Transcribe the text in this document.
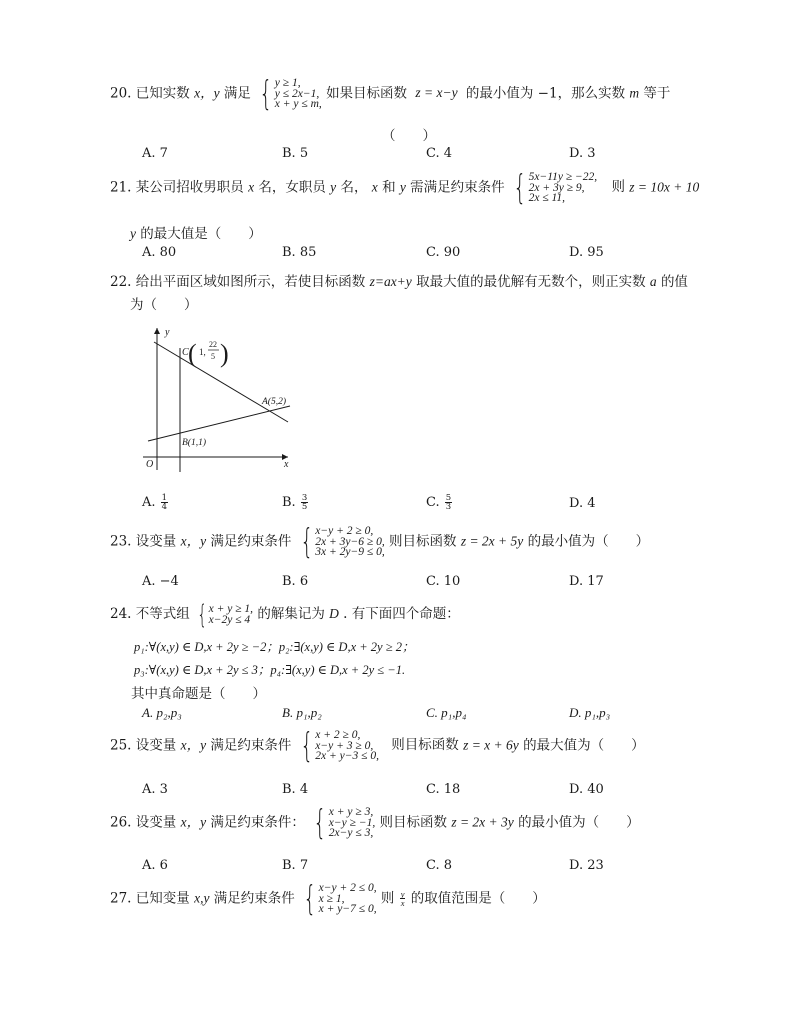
20. 已知实数 x，y 满足 { y ≥ 1,
y ≤ 2x−1,
x + y ≤ m,
如果目标函数 z = x−y 的最小值为 −1，那么实数 m 等于
（　　）
A. 7	B. 5	C. 4	D. 3
21. 某公司招收男职员 x 名，女职员 y 名， x 和 y 需满足约束条件 { 5x−11y ≥ −22,
2x + 3y ≥ 9,
2x ≤ 11,
则 z = 10x + 10
y 的最大值是（　　）
A. 80	B. 85	C. 90	D. 95
22. 给出平面区域如图所示，若使目标函数 z=ax+y 取最大值的最优解有无数个，则正实数 a 的值
为（　　）
y
x
O
C ( 1,
22
5 )
A(5,2)
B(1,1)
A. $\frac{1}{4}$	B. $\frac{3}{5}$	C. $\frac{5}{3}$	D. 4
23. 设变量 x，y 满足约束条件 { x−y + 2 ≥ 0,
2x + 3y−6 ≥ 0,
3x + 2y−9 ≤ 0,
则目标函数 z = 2x + 5y 的最小值为（　　）
A. −4	B. 6	C. 10	D. 17
24. 不等式组 { x + y ≥ 1,
x−2y ≤ 4 的解集记为 D . 有下面四个命题：
p₁:∀(x,y) ∈ D,x + 2y ≥ −2；p₂:∃(x,y) ∈ D,x + 2y ≥ 2；
p₃:∀(x,y) ∈ D,x + 2y ≤ 3；p₄:∃(x,y) ∈ D,x + 2y ≤ −1.
其中真命题是（　　）
A. p₂,p₃	B. p₁,p₂	C. p₁,p₄	D. p₁,p₃
25. 设变量 x，y 满足约束条件 { x + 2 ≥ 0,
x−y + 3 ≥ 0,
2x + y−3 ≤ 0,
则目标函数 z = x + 6y 的最大值为（　　）
A. 3	B. 4	C. 18	D. 40
26. 设变量 x，y 满足约束条件： { x + y ≥ 3,
x−y ≥ −1,
2x−y ≤ 3,
则目标函数 z = 2x + 3y 的最小值为（　　）
A. 6	B. 7	C. 8	D. 23
27. 已知变量 x,y 满足约束条件 { x−y + 2 ≤ 0,
x ≥ 1,
x + y−7 ≤ 0,
则 $\frac{y}{x}$ 的取值范围是（　　）
